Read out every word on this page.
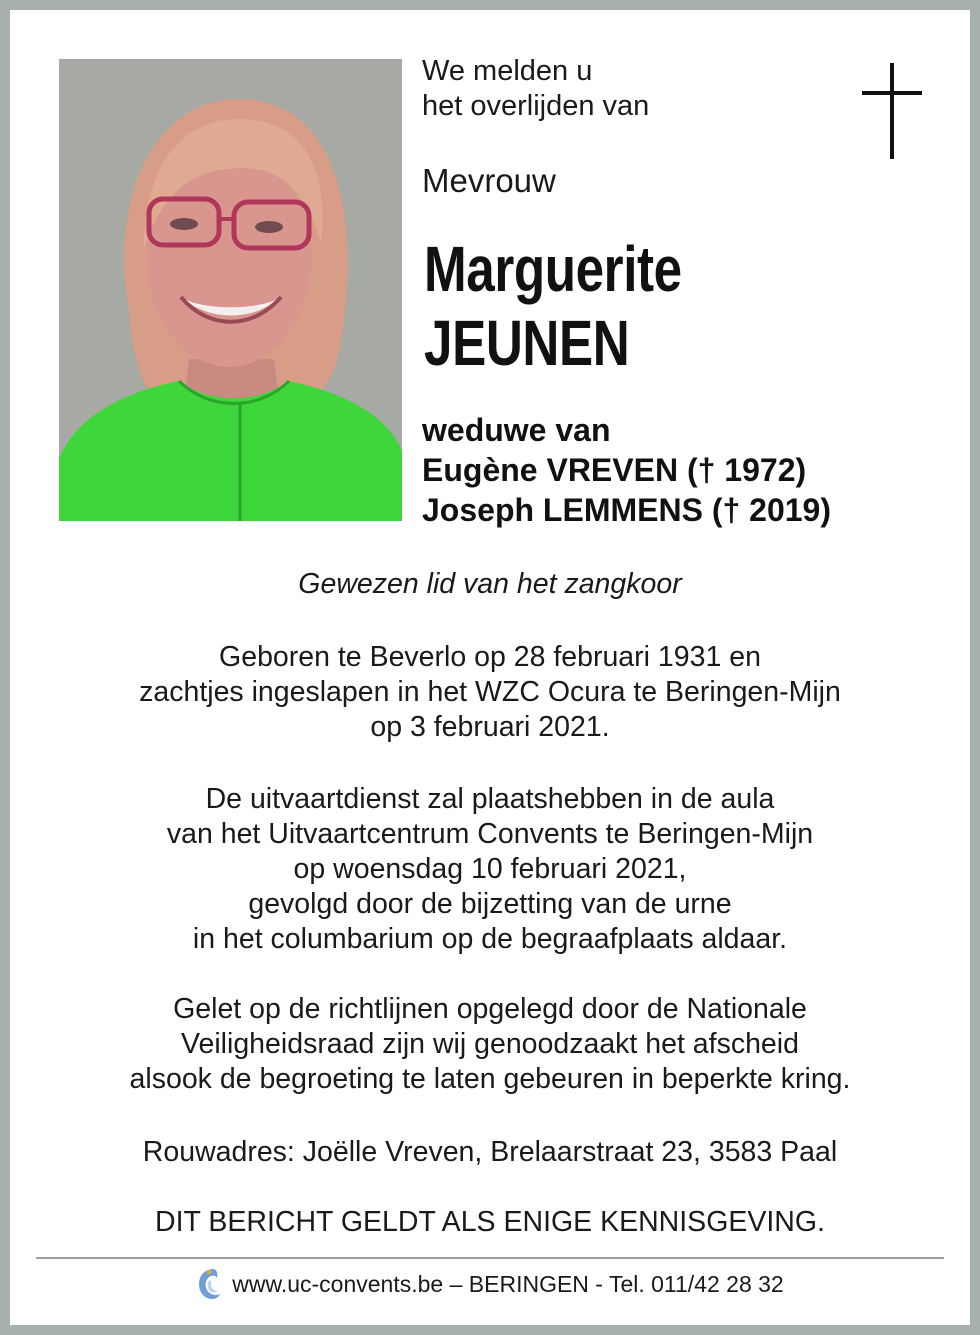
We melden u
het overlijden van
Mevrouw
Marguerite
JEUNEN
weduwe van
Eugène VREVEN († 1972)
Joseph LEMMENS († 2019)
Gewezen lid van het zangkoor
Geboren te Beverlo op 28 februari 1931 en
zachtjes ingeslapen in het WZC Ocura te Beringen-Mijn
op 3 februari 2021.
De uitvaartdienst zal plaatshebben in de aula
van het Uitvaartcentrum Convents te Beringen-Mijn
op woensdag 10 februari 2021,
gevolgd door de bijzetting van de urne
in het columbarium op de begraafplaats aldaar.
Gelet op de richtlijnen opgelegd door de Nationale
Veiligheidsraad zijn wij genoodzaakt het afscheid
alsook de begroeting te laten gebeuren in beperkte kring.
Rouwadres: Joëlle Vreven, Brelaarstraat 23, 3583 Paal
DIT BERICHT GELDT ALS ENIGE KENNISGEVING.
www.uc-convents.be – BERINGEN - Tel. 011/42 28 32
